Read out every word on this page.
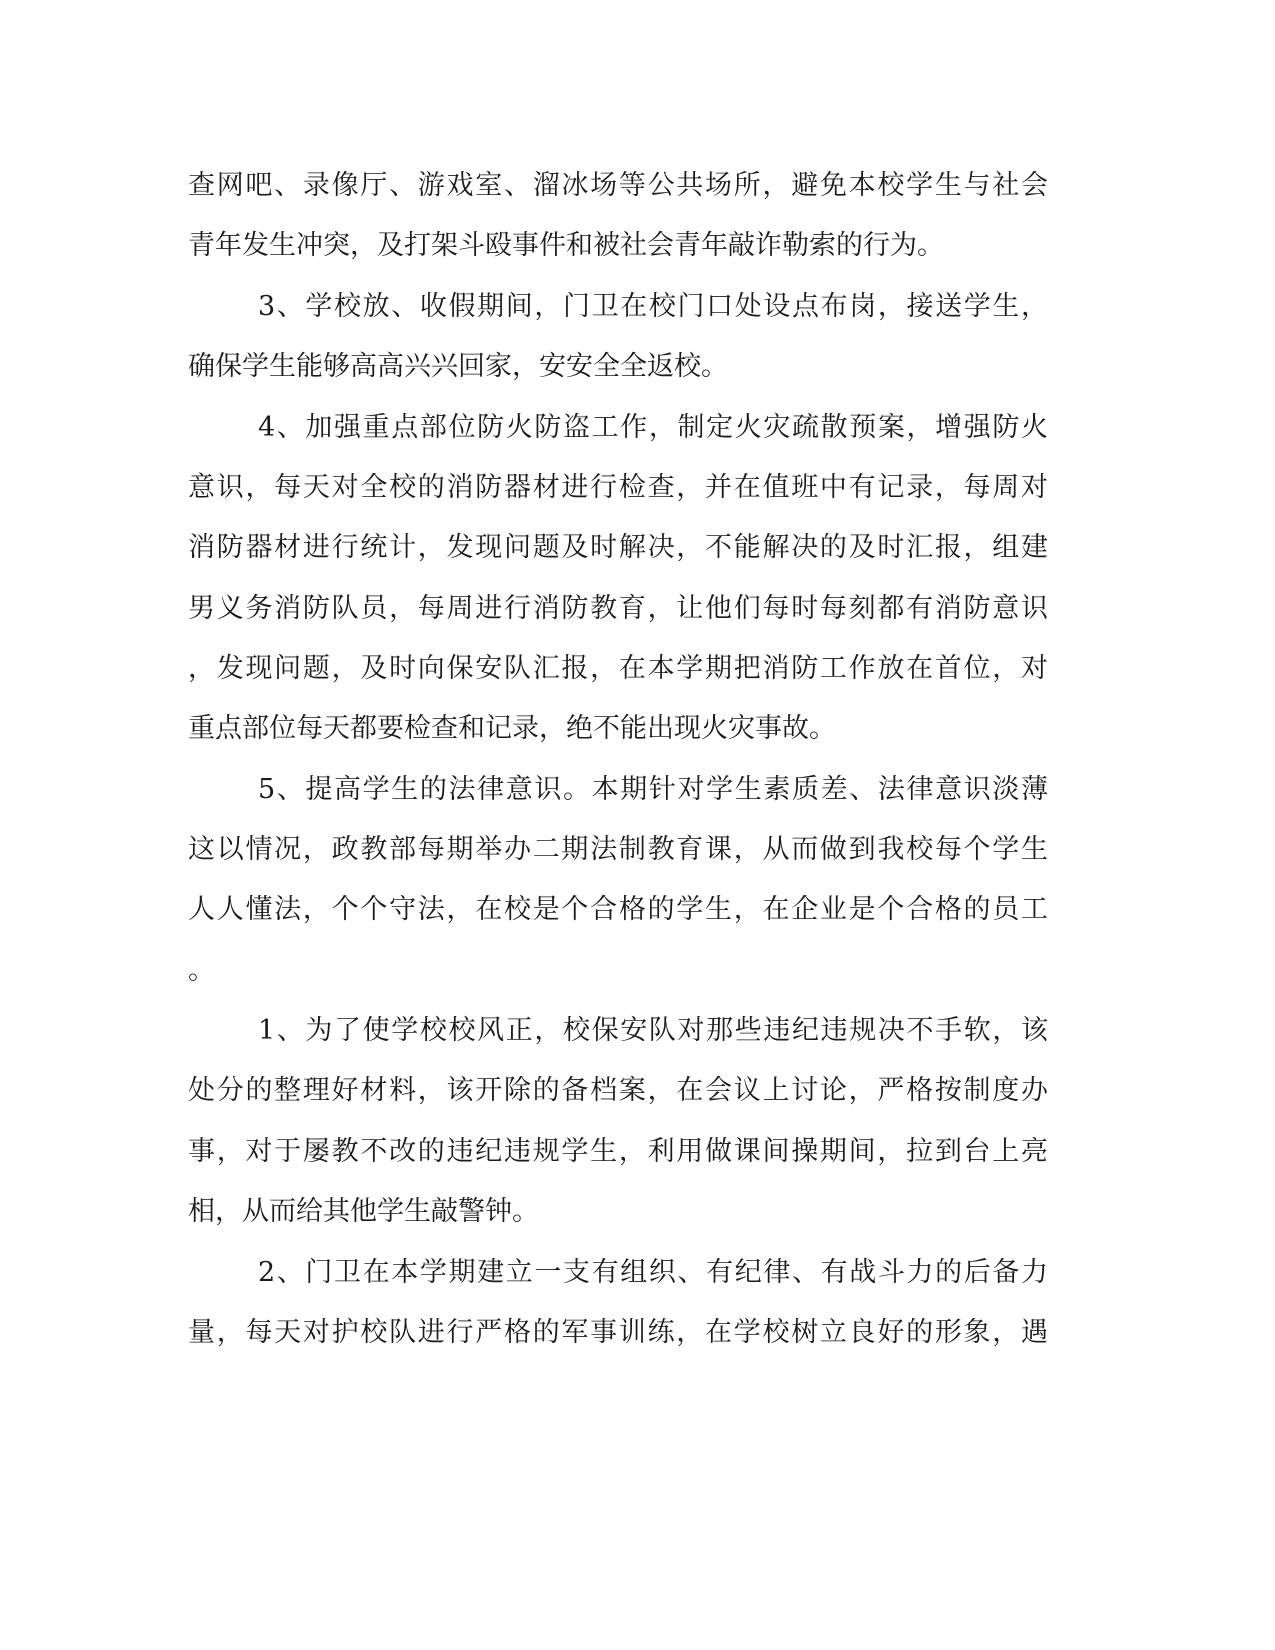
查网吧、录像厅、游戏室、溜冰场等公共场所，避免本校学生与社会

青年发生冲突，及打架斗殴事件和被社会青年敲诈勒索的行为。

3、学校放、收假期间，门卫在校门口处设点布岗，接送学生，

确保学生能够高高兴兴回家，安安全全返校。

4、加强重点部位防火防盗工作，制定火灾疏散预案，增强防火

意识，每天对全校的消防器材进行检查，并在值班中有记录，每周对

消防器材进行统计，发现问题及时解决，不能解决的及时汇报，组建

男义务消防队员，每周进行消防教育，让他们每时每刻都有消防意识

，发现问题，及时向保安队汇报，在本学期把消防工作放在首位，对

重点部位每天都要检查和记录，绝不能出现火灾事故。

5、提高学生的法律意识。本期针对学生素质差、法律意识淡薄

这以情况，政教部每期举办二期法制教育课，从而做到我校每个学生

人人懂法，个个守法，在校是个合格的学生，在企业是个合格的员工

。

1、为了使学校校风正，校保安队对那些违纪违规决不手软，该

处分的整理好材料，该开除的备档案，在会议上讨论，严格按制度办

事，对于屡教不改的违纪违规学生，利用做课间操期间，拉到台上亮

相，从而给其他学生敲警钟。

2、门卫在本学期建立一支有组织、有纪律、有战斗力的后备力

量，每天对护校队进行严格的军事训练，在学校树立良好的形象，遇
